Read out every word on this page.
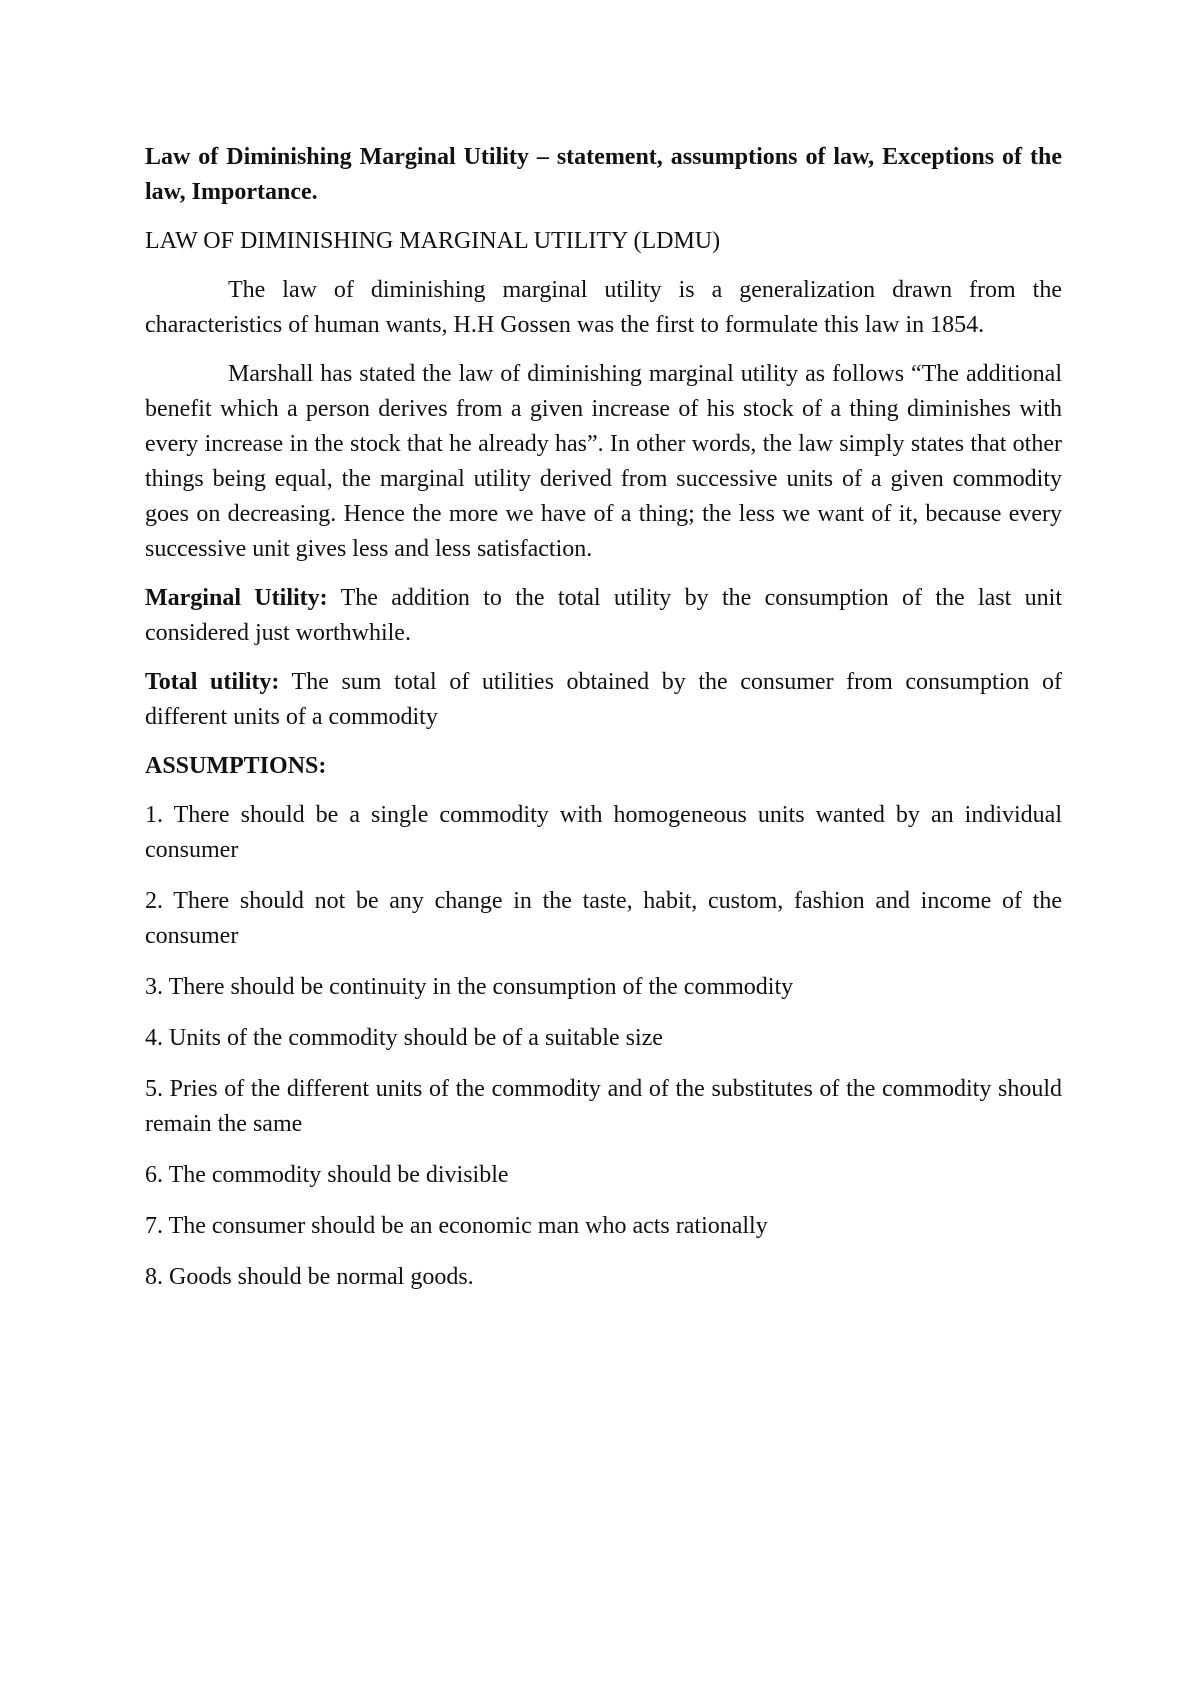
Law of Diminishing Marginal Utility – statement, assumptions of law, Exceptions of the law, Importance.

LAW OF DIMINISHING MARGINAL UTILITY (LDMU)

The law of diminishing marginal utility is a generalization drawn from the characteristics of human wants, H.H Gossen was the first to formulate this law in 1854.

Marshall has stated the law of diminishing marginal utility as follows “The additional benefit which a person derives from a given increase of his stock of a thing diminishes with every increase in the stock that he already has”. In other words, the law simply states that other things being equal, the marginal utility derived from successive units of a given commodity goes on decreasing. Hence the more we have of a thing; the less we want of it, because every successive unit gives less and less satisfaction.

Marginal Utility: The addition to the total utility by the consumption of the last unit considered just worthwhile.

Total utility: The sum total of utilities obtained by the consumer from consumption of different units of a commodity

ASSUMPTIONS:

1. There should be a single commodity with homogeneous units wanted by an individual consumer

2. There should not be any change in the taste, habit, custom, fashion and income of the consumer

3. There should be continuity in the consumption of the commodity

4. Units of the commodity should be of a suitable size

5. Pries of the different units of the commodity and of the substitutes of the commodity should remain the same

6. The commodity should be divisible

7. The consumer should be an economic man who acts rationally

8. Goods should be normal goods.
